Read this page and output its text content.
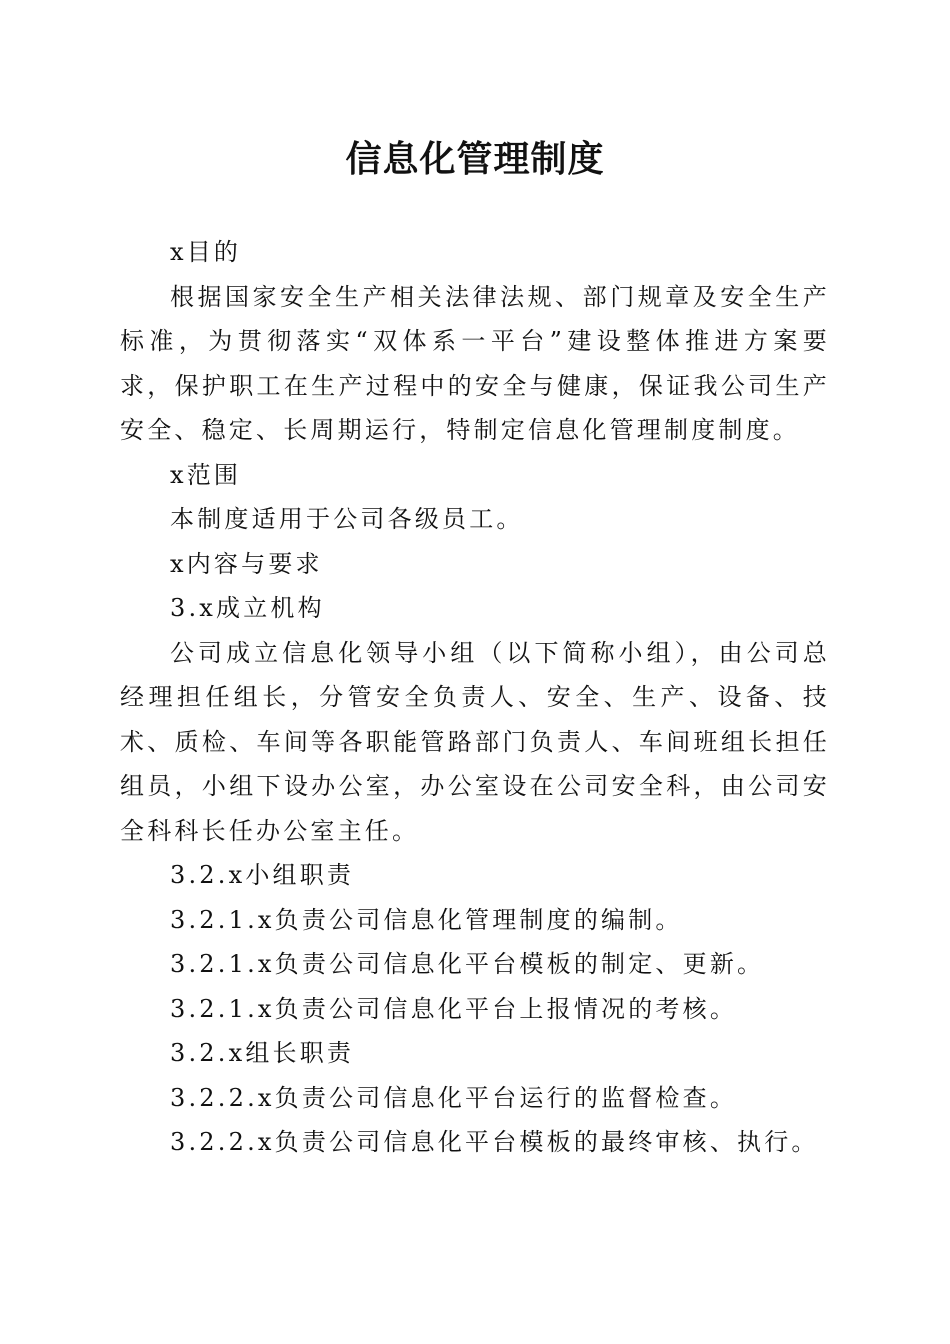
信息化管理制度

x目的

根据国家安全生产相关法律法规、部门规章及安全生产标准，为贯彻落实“双体系一平台”建设整体推进方案要求，保护职工在生产过程中的安全与健康，保证我公司生产安全、稳定、长周期运行，特制定信息化管理制度制度。

x范围

本制度适用于公司各级员工。

x内容与要求

3.x成立机构

公司成立信息化领导小组（以下简称小组），由公司总经理担任组长，分管安全负责人、安全、生产、设备、技术、质检、车间等各职能管路部门负责人、车间班组长担任组员，小组下设办公室，办公室设在公司安全科，由公司安全科科长任办公室主任。

3.2.x小组职责

3.2.1.x负责公司信息化管理制度的编制。

3.2.1.x负责公司信息化平台模板的制定、更新。

3.2.1.x负责公司信息化平台上报情况的考核。

3.2.x组长职责

3.2.2.x负责公司信息化平台运行的监督检查。

3.2.2.x负责公司信息化平台模板的最终审核、执行。
